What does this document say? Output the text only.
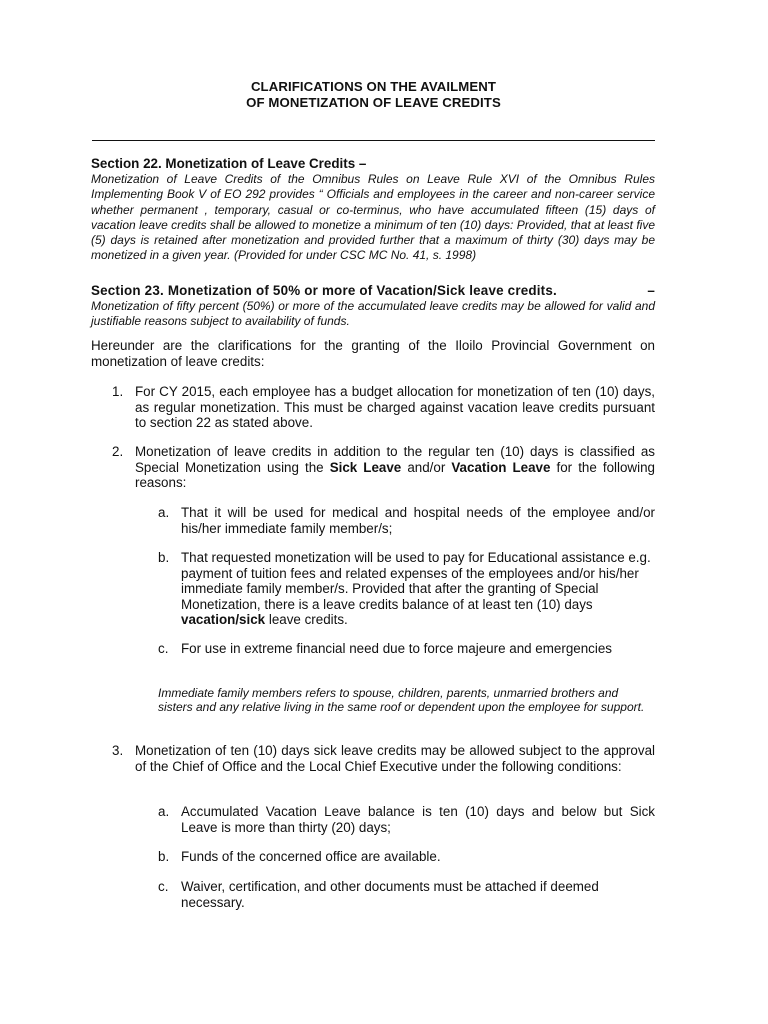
CLARIFICATIONS ON THE AVAILMENT
OF MONETIZATION OF LEAVE CREDITS
Section 22. Monetization of Leave Credits –
Monetization of Leave Credits of the Omnibus Rules on Leave Rule XVI of the Omnibus Rules Implementing Book V of EO 292 provides “ Officials and employees in the career and non-career service whether permanent , temporary, casual or co-terminus, who have accumulated fifteen (15) days of vacation leave credits shall be allowed to monetize a minimum of ten (10) days: Provided, that at least five (5) days is retained after monetization and provided further that a maximum of thirty (30) days may be monetized in a given year. (Provided for under CSC MC No. 41, s. 1998)
Section 23. Monetization of 50% or more of Vacation/Sick leave credits.	–
Monetization of fifty percent (50%) or more of the accumulated leave credits may be allowed for valid and justifiable reasons subject to availability of funds.
Hereunder are the clarifications for the granting of the Iloilo Provincial Government on monetization of leave credits:
1. For CY 2015, each employee has a budget allocation for monetization of ten (10) days, as regular monetization. This must be charged against vacation leave credits pursuant to section 22 as stated above.
2. Monetization of leave credits in addition to the regular ten (10) days is classified as Special Monetization using the Sick Leave and/or Vacation Leave for the following reasons:
a. That it will be used for medical and hospital needs of the employee and/or his/her immediate family member/s;
b. That requested monetization will be used to pay for Educational assistance e.g. payment of tuition fees and related expenses of the employees and/or his/her immediate family member/s. Provided that after the granting of Special Monetization, there is a leave credits balance of at least ten (10) days vacation/sick leave credits.
c. For use in extreme financial need due to force majeure and emergencies
Immediate family members refers to spouse, children, parents, unmarried brothers and sisters and any relative living in the same roof or dependent upon the employee for support.
3. Monetization of ten (10) days sick leave credits may be allowed subject to the approval of the Chief of Office and the Local Chief Executive under the following conditions:
a. Accumulated Vacation Leave balance is ten (10) days and below but Sick Leave is more than thirty (20) days;
b. Funds of the concerned office are available.
c. Waiver, certification, and other documents must be attached if deemed necessary.
